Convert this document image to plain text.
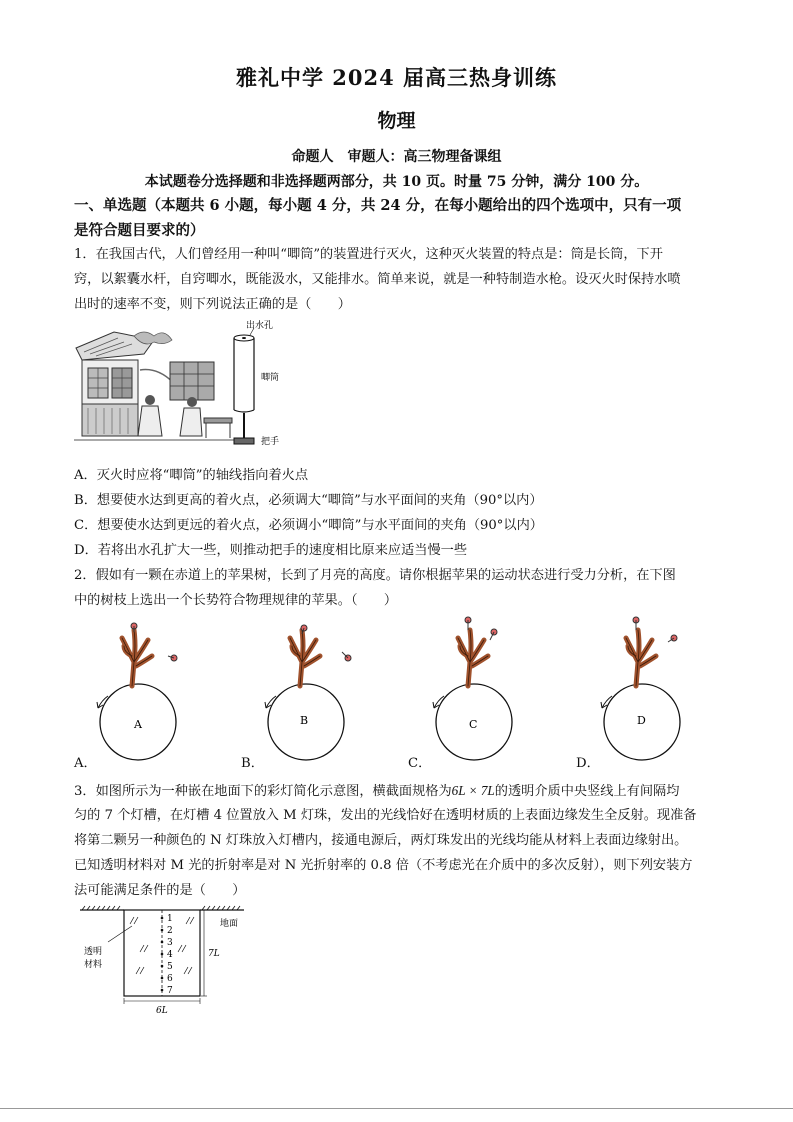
雅礼中学 2024 届高三热身训练
物理
命题人　审题人：高三物理备课组
本试题卷分选择题和非选择题两部分，共 10 页。时量 75 分钟，满分 100 分。
一、单选题（本题共 6 小题，每小题 4 分，共 24 分，在每小题给出的四个选项中，只有一项
是符合题目要求的）
1．在我国古代，人们曾经用一种叫“唧筒”的装置进行灭火，这种灭火装置的特点是：筒是长筒，下开
窍，以絮囊水杆，自窍唧水，既能汲水，又能排水。简单来说，就是一种特制造水枪。设灭火时保持水喷
出时的速率不变，则下列说法正确的是（　　）
出水孔
唧筒
把手
A．灭火时应将“唧筒”的轴线指向着火点
B．想要使水达到更高的着火点，必须调大“唧筒”与水平面间的夹角（90°以内）
C．想要使水达到更远的着火点，必须调小“唧筒”与水平面间的夹角（90°以内）
D．若将出水孔扩大一些，则推动把手的速度相比原来应适当慢一些
2．假如有一颗在赤道上的苹果树，长到了月亮的高度。请你根据苹果的运动状态进行受力分析，在下图
中的树枝上选出一个长势符合物理规律的苹果。（　　）
A	B	C	D
A．	B．	C．	D．
3．如图所示为一种嵌在地面下的彩灯简化示意图，横截面规格为6L × 7L的透明介质中央竖线上有间隔均
匀的 7 个灯槽，在灯槽 4 位置放入 M 灯珠，发出的光线恰好在透明材质的上表面边缘发生全反射。现准备
将第二颗另一种颜色的 N 灯珠放入灯槽内，接通电源后，两灯珠发出的光线均能从材料上表面边缘射出。
已知透明材料对 M 光的折射率是对 N 光折射率的 0.8 倍（不考虑光在介质中的多次反射），则下列安装方
法可能满足条件的是（　　）
1
2
3
4
5
6
7
透明
材料
地面
7L
6L
